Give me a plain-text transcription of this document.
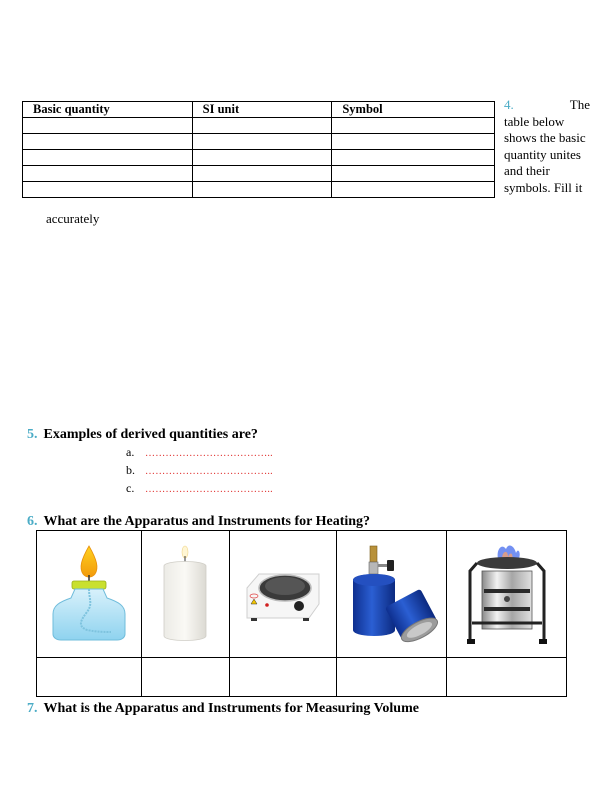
Basic quantity	SI unit	Symbol

			4.	The
table below shows the basic quantity unites and their symbols. Fill it
accurately
5. Examples of derived quantities are?
a.	………………………………..
b.	………………………………..
c.	………………………………..
6. What are the Apparatus and Instruments for Heating?

7. What is the Apparatus and Instruments for Measuring Volume
